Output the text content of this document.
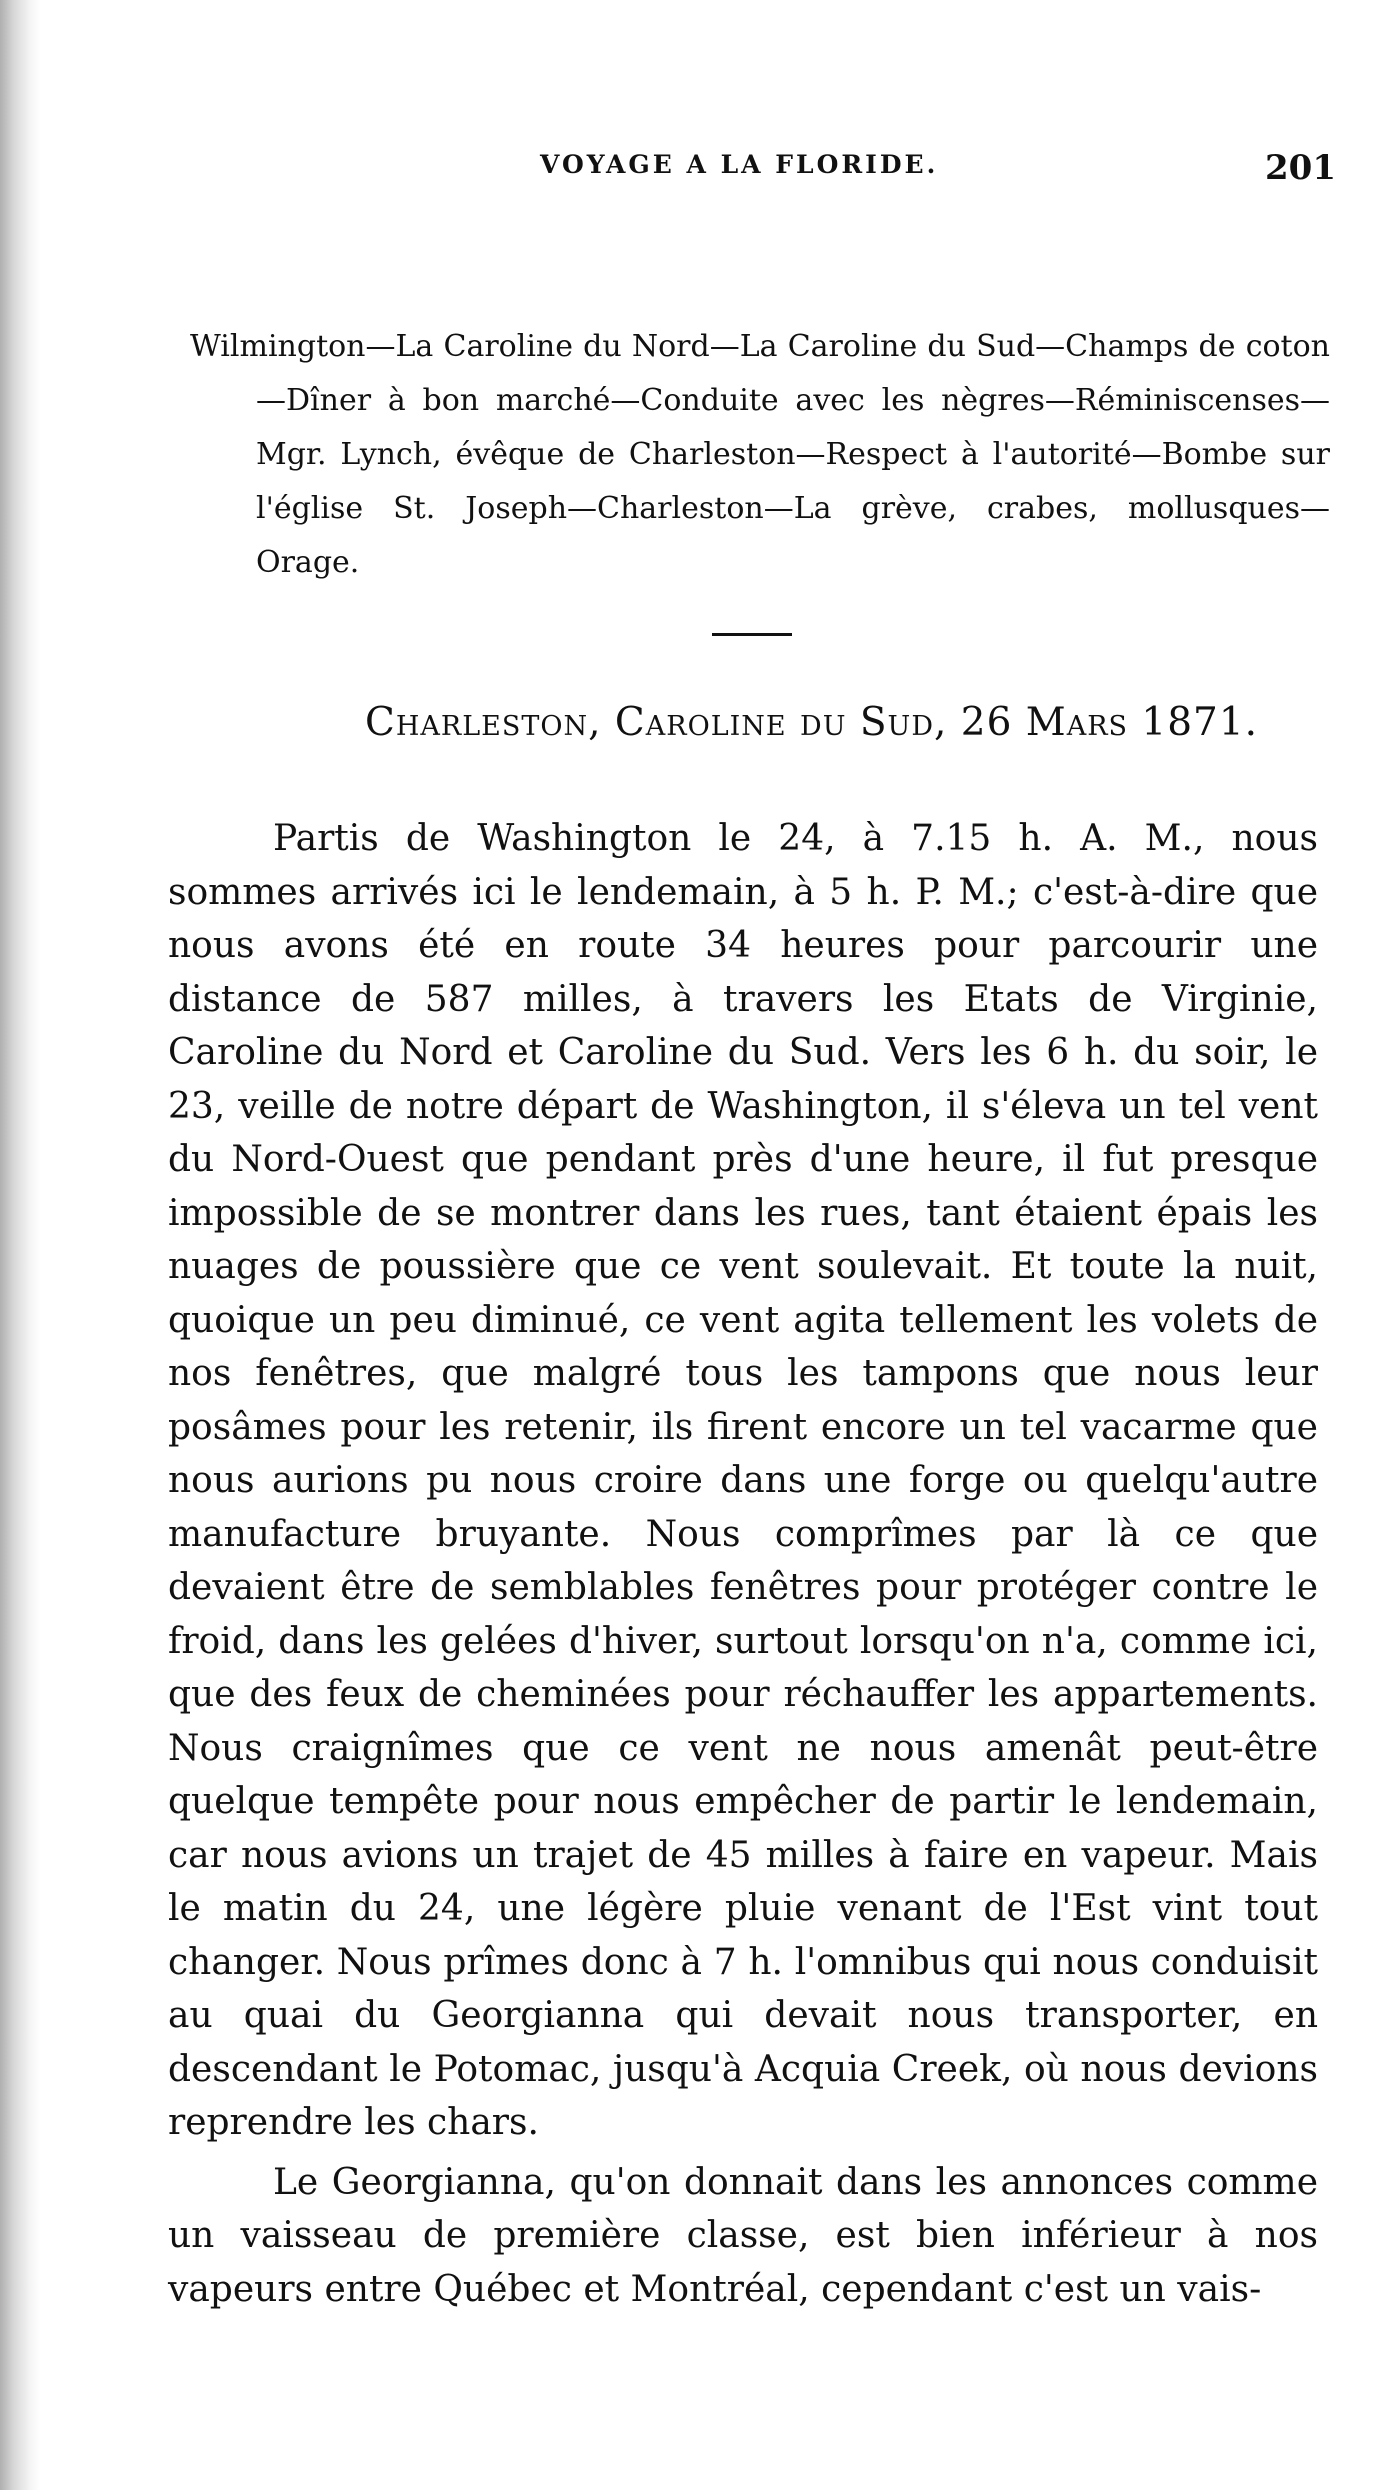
VOYAGE A LA FLORIDE.	201
Wilmington—La Caroline du Nord—La Caroline du Sud—Champs de coton—Dîner à bon marché—Conduite avec les nègres—Réminiscenses—Mgr. Lynch, évêque de Charleston—Respect à l'autorité—Bombe sur l'église St. Joseph—Charleston—La grève, crabes, mollusques—Orage.
Charleston, Caroline du Sud, 26 Mars 1871.

Partis de Washington le 24, à 7.15 h. A. M., nous sommes arrivés ici le lendemain, à 5 h. P. M.; c'est-à-dire que nous avons été en route 34 heures pour parcourir une distance de 587 milles, à travers les Etats de Virginie, Caroline du Nord et Caroline du Sud. Vers les 6 h. du soir, le 23, veille de notre départ de Washington, il s'éleva un tel vent du Nord-Ouest que pendant près d'une heure, il fut presque impossible de se montrer dans les rues, tant étaient épais les nuages de poussière que ce vent soulevait. Et toute la nuit, quoique un peu diminué, ce vent agita tellement les volets de nos fenêtres, que malgré tous les tampons que nous leur posâmes pour les retenir, ils firent encore un tel vacarme que nous aurions pu nous croire dans une forge ou quelqu'autre manufacture bruyante. Nous comprîmes par là ce que devaient être de semblables fenêtres pour protéger contre le froid, dans les gelées d'hiver, surtout lorsqu'on n'a, comme ici, que des feux de cheminées pour réchauffer les appartements. Nous craignîmes que ce vent ne nous amenât peut-être quelque tempête pour nous empêcher de partir le lendemain, car nous avions un trajet de 45 milles à faire en vapeur. Mais le matin du 24, une légère pluie venant de l'Est vint tout changer. Nous prîmes donc à 7 h. l'omnibus qui nous conduisit au quai du Georgianna qui devait nous transporter, en descendant le Potomac, jusqu'à Acquia Creek, où nous devions reprendre les chars.

Le Georgianna, qu'on donnait dans les annonces comme un vaisseau de première classe, est bien inférieur à nos vapeurs entre Québec et Montréal, cependant c'est un vais-
